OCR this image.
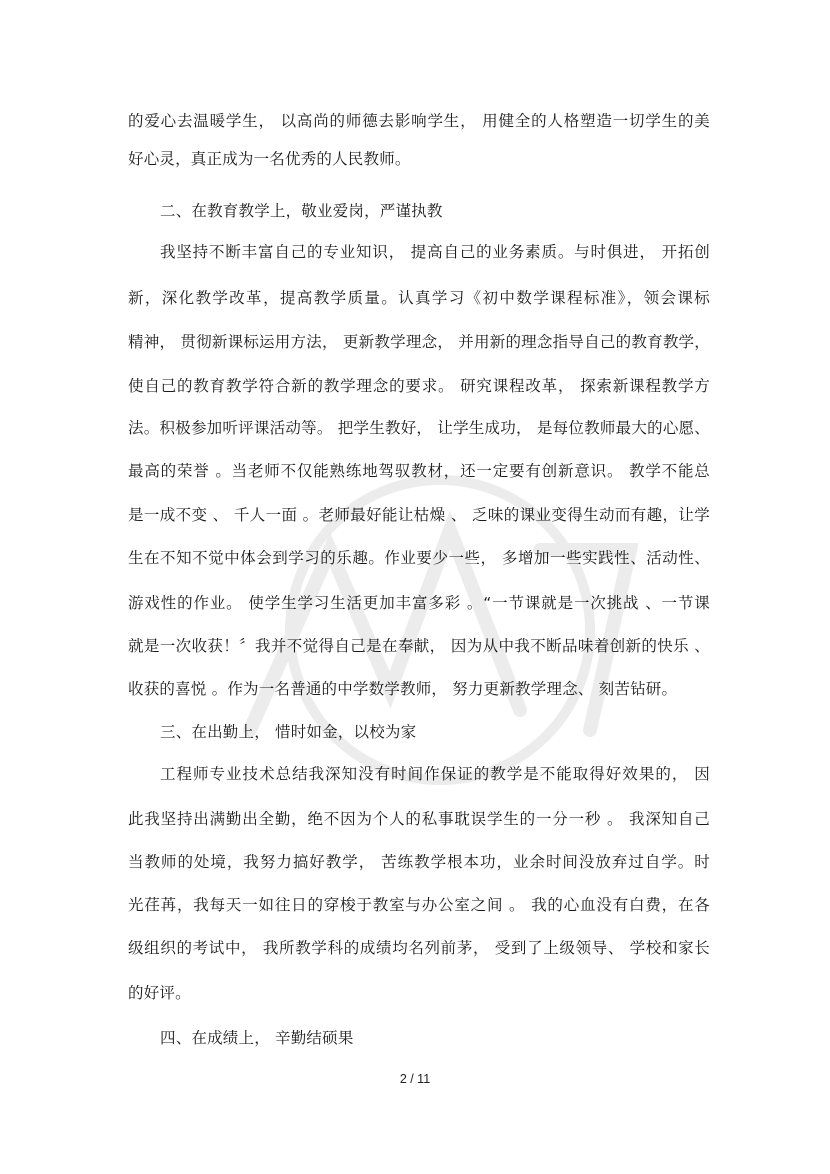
的爱心去温暖学生， 以高尚的师德去影响学生， 用健全的人格塑造一切学生的美
好心灵，真正成为一名优秀的人民教师。
二、在教育教学上，敬业爱岗，严谨执教
我坚持不断丰富自己的专业知识， 提高自己的业务素质。与时俱进， 开拓创
新，深化教学改革，提高教学质量。认真学习《初中数学课程标准》，领会课标
精神， 贯彻新课标运用方法， 更新教学理念， 并用新的理念指导自己的教育教学，
使自己的教育教学符合新的教学理念的要求。 研究课程改革， 探索新课程教学方
法。积极参加听评课活动等。 把学生教好， 让学生成功， 是每位教师最大的心愿、
最高的荣誉 。当老师不仅能熟练地驾驭教材，还一定要有创新意识。 教学不能总
是一成不变 、 千人一面 。老师最好能让枯燥 、 乏味的课业变得生动而有趣，让学
生在不知不觉中体会到学习的乐趣。作业要少一些， 多增加一些实践性、活动性、
游戏性的作业。 使学生学习生活更加丰富多彩 。“一节课就是一次挑战 、一节课
就是一次收获！〞我并不觉得自己是在奉献， 因为从中我不断品味着创新的快乐 、
收获的喜悦 。作为一名普通的中学数学教师， 努力更新教学理念、 刻苦钻研。
三、在出勤上， 惜时如金，以校为家
工程师专业技术总结我深知没有时间作保证的教学是不能取得好效果的， 因
此我坚持出满勤出全勤，绝不因为个人的私事耽误学生的一分一秒 。 我深知自己
当教师的处境，我努力搞好教学， 苦练教学根本功，业余时间没放弃过自学。时
光荏苒，我每天一如往日的穿梭于教室与办公室之间 。 我的心血没有白费，在各
级组织的考试中， 我所教学科的成绩均名列前茅， 受到了上级领导、 学校和家长
的好评。
四、在成绩上， 辛勤结硕果
2 / 11
